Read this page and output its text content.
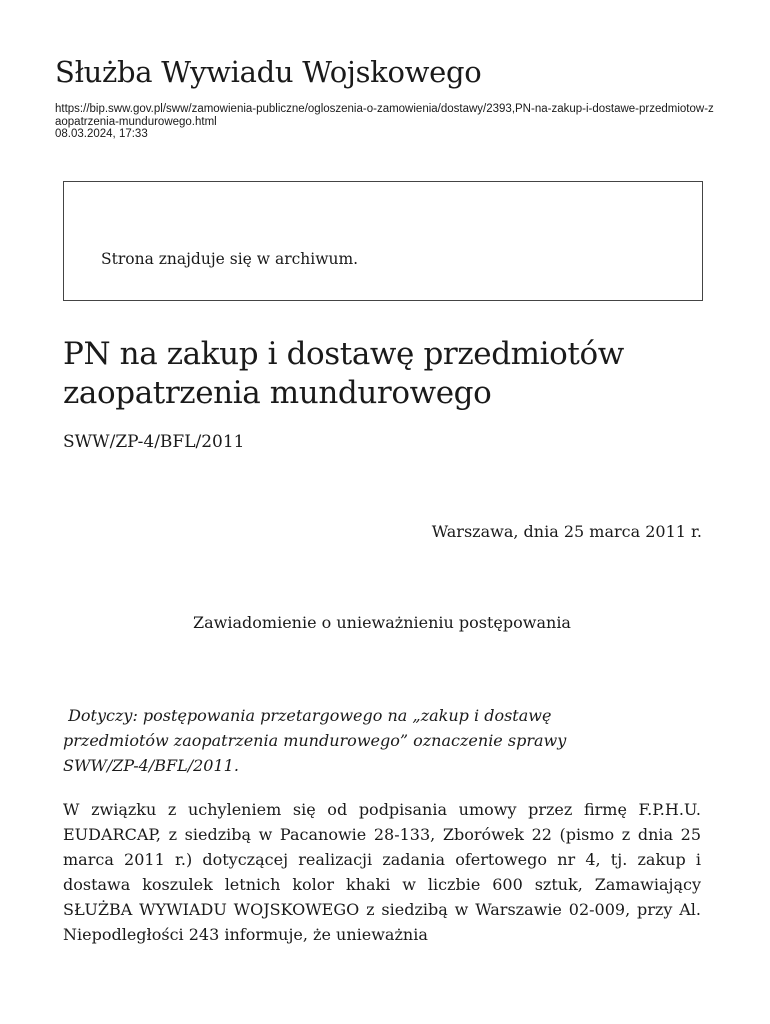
Służba Wywiadu Wojskowego
https://bip.sww.gov.pl/sww/zamowienia-publiczne/ogloszenia-o-zamowienia/dostawy/2393,PN-na-zakup-i-dostawe-przedmiotow-zaopatrzenia-mundurowego.html
08.03.2024, 17:33
Strona znajduje się w archiwum.
PN na zakup i dostawę przedmiotów zaopatrzenia mundurowego
SWW/ZP-4/BFL/2011
Warszawa, dnia 25 marca 2011 r.
Zawiadomienie o unieważnieniu postępowania
Dotyczy: postępowania przetargowego na „zakup i dostawę przedmiotów zaopatrzenia mundurowego” oznaczenie sprawy SWW/ZP-4/BFL/2011.
W związku z uchyleniem się od podpisania umowy przez firmę F.P.H.U. EUDARCAP, z siedzibą w Pacanowie 28-133, Zborówek 22 (pismo z dnia 25 marca 2011 r.) dotyczącej realizacji zadania ofertowego nr 4, tj. zakup i dostawa koszulek letnich kolor khaki w liczbie 600 sztuk, Zamawiający SŁUŻBA WYWIADU WOJSKOWEGO z siedzibą w Warszawie 02-009, przy Al. Niepodległości 243 informuje, że unieważnia
